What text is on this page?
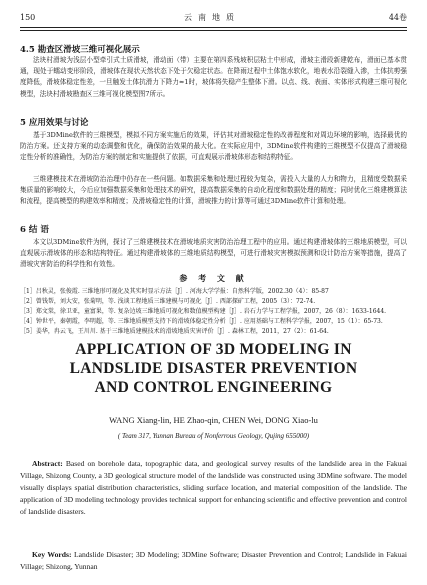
150	云南地质	44卷
4.5 勘查区滑坡三维可视化展示
法块村滑坡为浅层小型牵引式土质滑坡，滑动面（带）主要在第四系残坡积层粘土中形成，滑坡主滑段新建乾布，滑面已基本贯通，现处于蠕动变形阶段，滑坡体在现状天然状态下处于欠稳定状态。在降雨过程中土体饱水软化，地表水沿裂缝入渗，土体抗剪强度降低，滑坡体稳定性差，一旦触发土体抗滑力下降力≈1时，坡体将失稳产生整体下滑。以点、线、表面、实体形式构建三维可视化模型，法块村滑坡勘查区三维可视化模型图7所示。
5 应用效果与讨论
基于3DMine软件的三维模型，模拟不同方案实施后的效果，评估其对滑坡稳定性的改善程度和对周边环境的影响，选择最优的防治方案。还支持方案的动态调整和优化，确保防治效果的最大化。在实际应用中，3DMine软件构建的三维模型不仅提高了滑坡稳定性分析的准确性，为防治方案的制定和实施提供了依据，可直观展示滑坡体形态和结构特征。
三维建模技术在滑坡防治治理中仍存在一些问题。如数据采集和处理过程较为复杂，需投入大量的人力和物力，且精度受数据采集质量的影响较大，今后应加强数据采集和处理技术的研究，提高数据采集的自动化程度和数据处理的精度；同时优化三维建模算法和流程，提高模型的构建效率和精度；及滑坡稳定性的计算，滑坡推力的计算等可通过3DMine软件计算和处理。
6 结 语
本文以3DMine软件为例，探讨了三维建模技术在滑坡地质灾害防治治理工程中的应用。通过构建滑坡体的三维地质模型，可以直观展示滑坡体的形态和结构特征。通过构建滑坡体的三维地质结构模型，可进行滑坡灾害模拟预测和设计防治方案等措施，提高了滑坡灾害防治的科学性和有效性。
参 考 文 献
［1］吕秋灵，张俊霞. 三维地形可视化及其实时显示方法［J］. 河海大学学报：自然科学版，2002.30（4）：85-87
［2］曾钱帮，刘大安，张菊明，等. 浅谈工程地质三维建模与可视化［J］. 西部探矿工程，2005（3）：72-74.
［3］郑文棠，徐卫亚，童富果，等. 复杂边坡三维地质可视化和数值模型构建［J］. 岩石力学与工程学报，2007，26（8）：1633-1644.
［4］钟世平，秦朝霞，李明超，等. 三维地质模型支持下的滑坡体稳定性分析［J］. 应用基础与工程科学学报，2007，15（1）：65-73.
［5］姜华，冉云飞，王川川. 基于三维地质建模技术的滑坡地质灾害评价［J］. 森林工程，2011，27（2）：61-64.
APPLICATION OF 3D MODELING IN
LANDSLIDE DISASTER PREVENTION
AND CONTROL ENGINEERING
WANG Xiang-lin, HE Zhao-qin, CHEN Wei, DONG Xiao-lu
( Team 317, Yunnan Bureau of Nonferrous Geology, Qujing 655000)
Abstract: Based on borehole data, topographic data, and geological survey results of the landslide area in the Fakuai Village, Shizong County, a 3D geological structure model of the landslide was constructed using 3DMine software. The model visually displays spatial distribution characteristics, sliding surface location, and material composition of the landslide. The application of 3D modeling technology provides technical support for enhancing scientific and effective prevention and control of landslide disasters.
Key Words: Landslide Disaster; 3D Modeling; 3DMine Software; Disaster Prevention and Control; Landslide in Fakuai Village; Shizong, Yunnan
